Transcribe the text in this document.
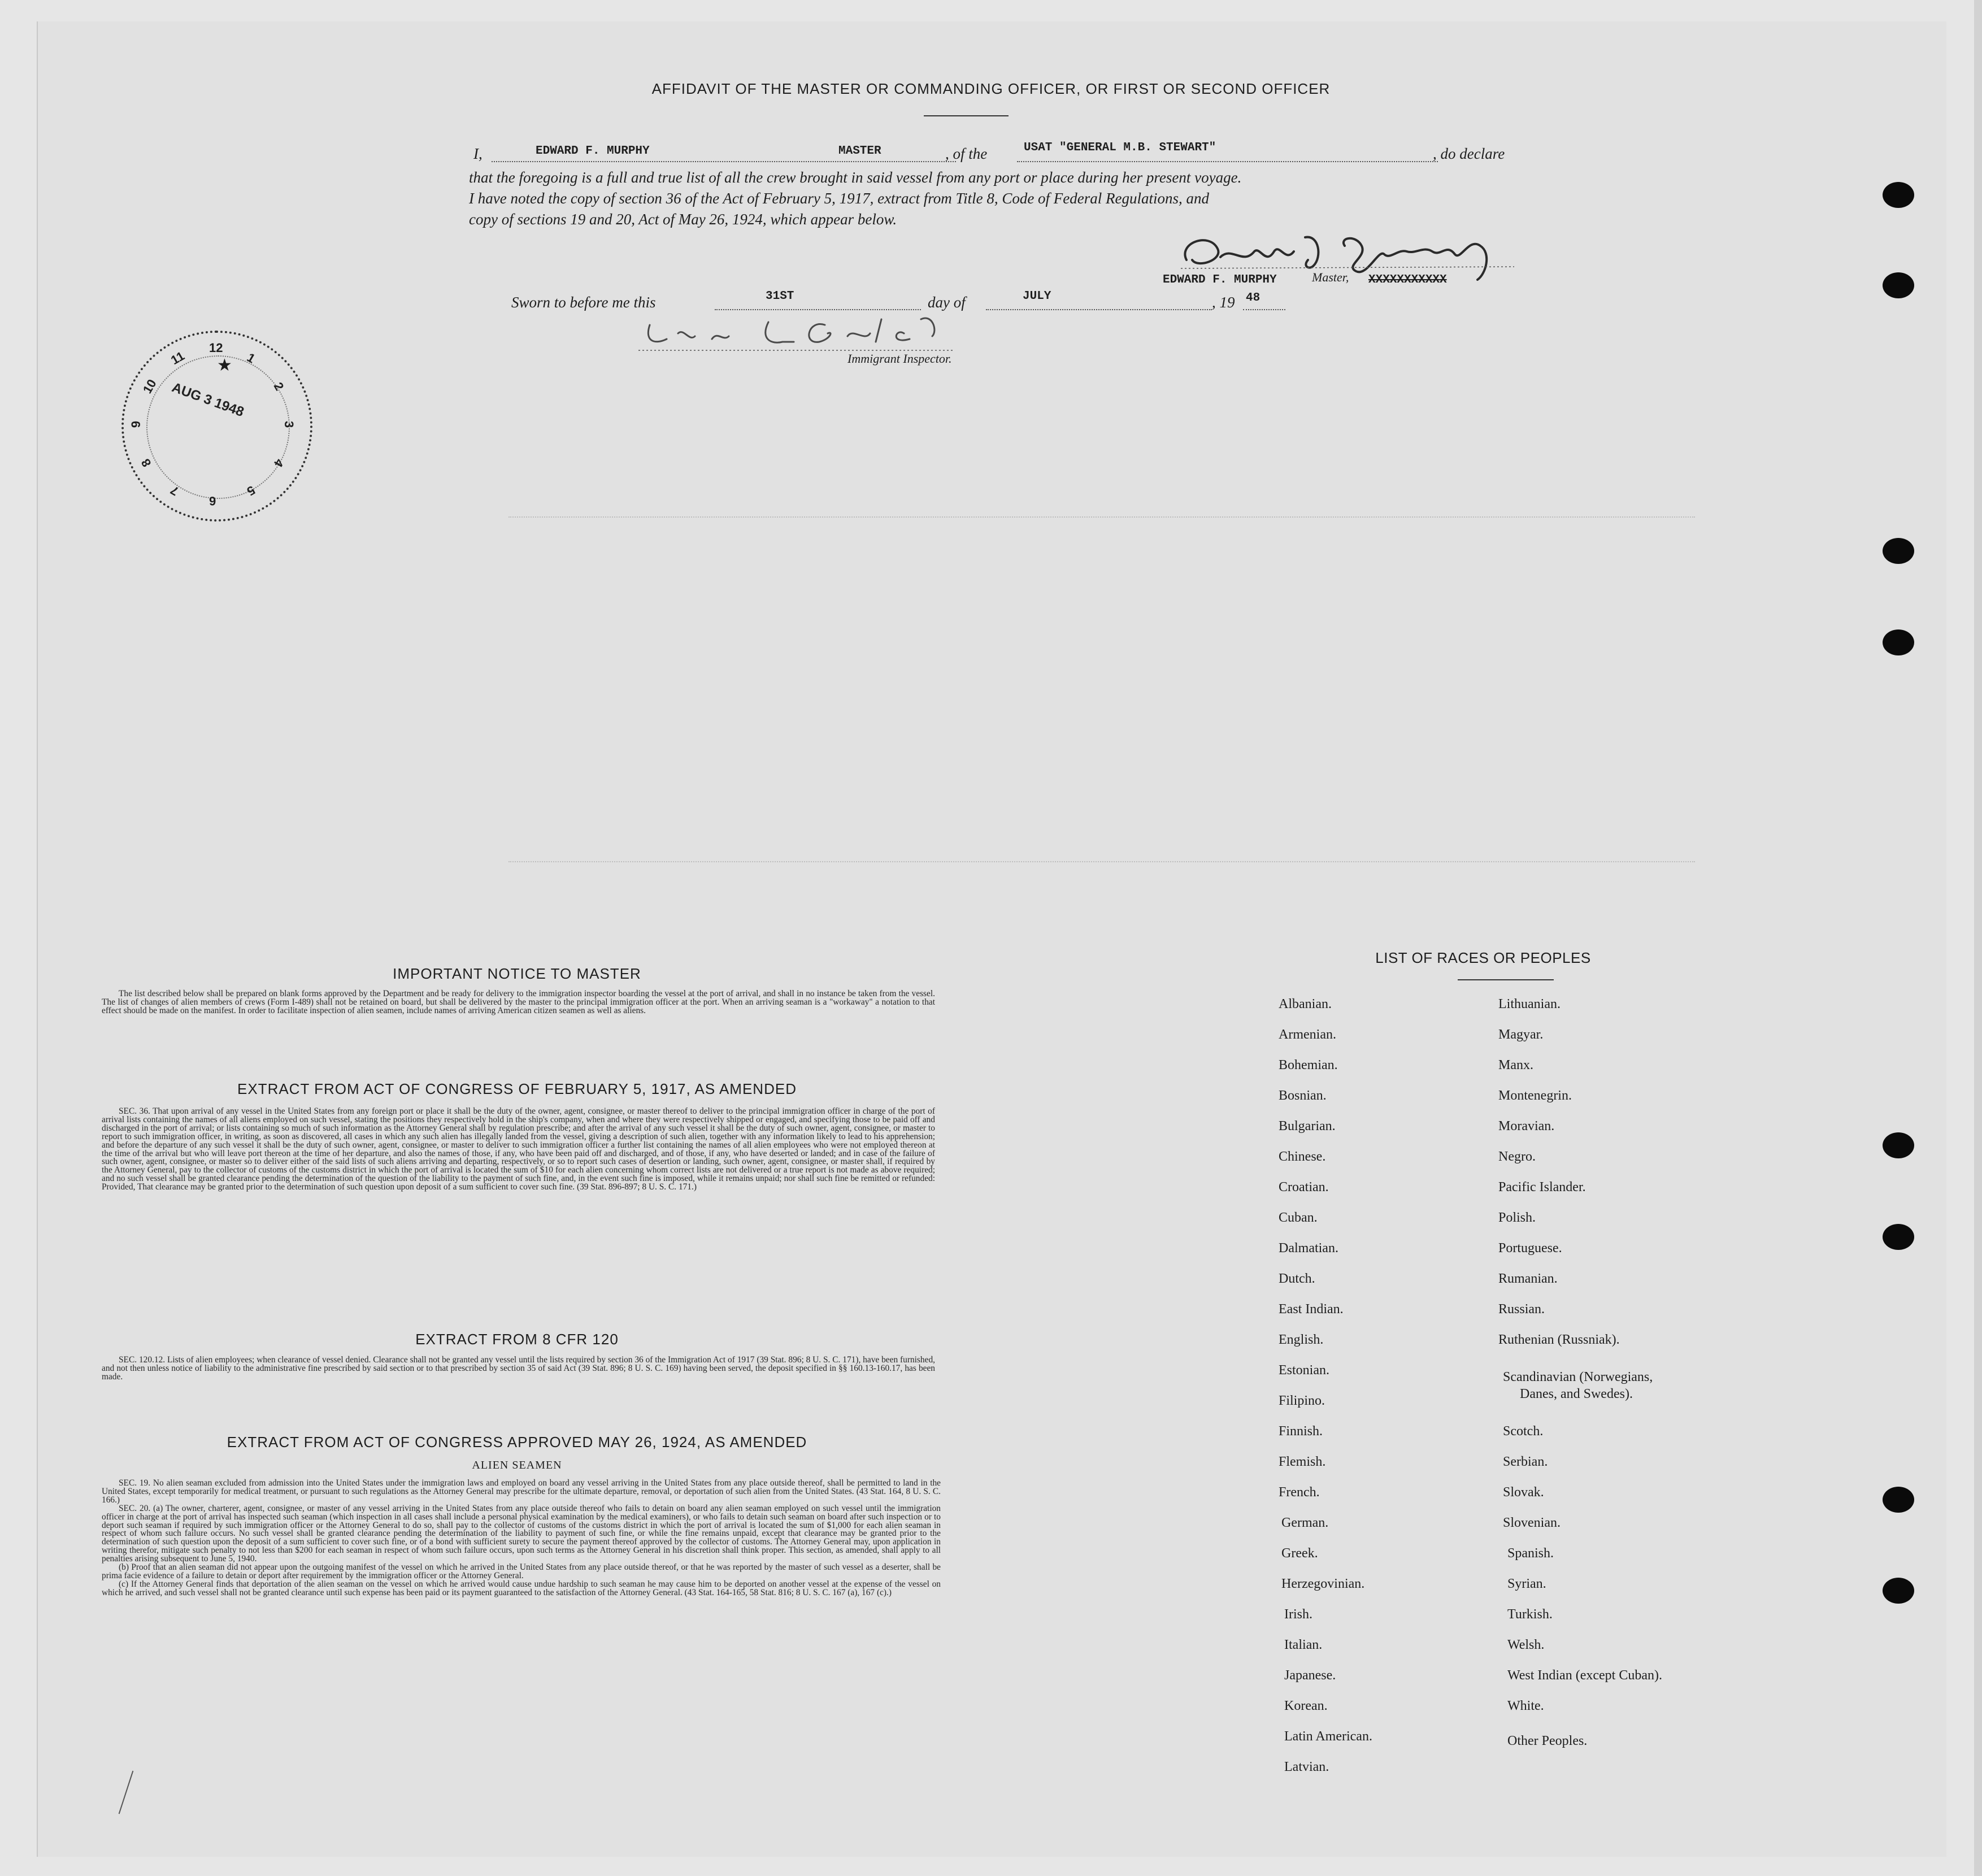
AFFIDAVIT OF THE MASTER OR COMMANDING OFFICER, OR FIRST OR SECOND OFFICER
I,	EDWARD F. MURPHY	MASTER	, of the	USAT "GENERAL M.B. STEWART"	, do declare
that the foregoing is a full and true list of all the crew brought in said vessel from any port or place during her present voyage.
I have noted the copy of section 36 of the Act of February 5, 1917, extract from Title 8, Code of Federal Regulations, and
copy of sections 19 and 20, Act of May 26, 1924, which appear below.
EDWARD F. MURPHY	Master, XXXXXXXXXXX
Sworn to before me this	31ST	day of	JULY	, 19 48
Immigrant Inspector.
12
1
2
3
4
5
6
7
8
9
10
11
AUG 3 1948
★
IMPORTANT NOTICE TO MASTER

The list described below shall be prepared on blank forms approved by the Department and be ready for delivery to the immigration inspector boarding the vessel at the port of arrival, and shall in no instance be taken from the vessel. The list of changes of alien members of crews (Form I-489) shall not be retained on board, but shall be delivered by the master to the principal immigration officer at the port. When an arriving seaman is a "workaway" a notation to that effect should be made on the manifest. In order to facilitate inspection of alien seamen, include names of arriving American citizen seamen as well as aliens.

EXTRACT FROM ACT OF CONGRESS OF FEBRUARY 5, 1917, AS AMENDED

SEC. 36. That upon arrival of any vessel in the United States from any foreign port or place it shall be the duty of the owner, agent, consignee, or master thereof to deliver to the principal immigration officer in charge of the port of arrival lists containing the names of all aliens employed on such vessel, stating the positions they respectively hold in the ship's company, when and where they were respectively shipped or engaged, and specifying those to be paid off and discharged in the port of arrival; or lists containing so much of such information as the Attorney General shall by regulation prescribe; and after the arrival of any such vessel it shall be the duty of such owner, agent, consignee, or master to report to such immigration officer, in writing, as soon as discovered, all cases in which any such alien has illegally landed from the vessel, giving a description of such alien, together with any information likely to lead to his apprehension; and before the departure of any such vessel it shall be the duty of such owner, agent, consignee, or master to deliver to such immigration officer a further list containing the names of all alien employees who were not employed thereon at the time of the arrival but who will leave port thereon at the time of her departure, and also the names of those, if any, who have been paid off and discharged, and of those, if any, who have deserted or landed; and in case of the failure of such owner, agent, consignee, or master so to deliver either of the said lists of such aliens arriving and departing, respectively, or so to report such cases of desertion or landing, such owner, agent, consignee, or master shall, if required by the Attorney General, pay to the collector of customs of the customs district in which the port of arrival is located the sum of $10 for each alien concerning whom correct lists are not delivered or a true report is not made as above required; and no such vessel shall be granted clearance pending the determination of the question of the liability to the payment of such fine, and, in the event such fine is imposed, while it remains unpaid; nor shall such fine be remitted or refunded: Provided, That clearance may be granted prior to the determination of such question upon deposit of a sum sufficient to cover such fine. (39 Stat. 896-897; 8 U. S. C. 171.)

EXTRACT FROM 8 CFR 120

SEC. 120.12. Lists of alien employees; when clearance of vessel denied. Clearance shall not be granted any vessel until the lists required by section 36 of the Immigration Act of 1917 (39 Stat. 896; 8 U. S. C. 171), have been furnished, and not then unless notice of liability to the administrative fine prescribed by said section or to that prescribed by section 35 of said Act (39 Stat. 896; 8 U. S. C. 169) having been served, the deposit specified in §§ 160.13-160.17, has been made.

EXTRACT FROM ACT OF CONGRESS APPROVED MAY 26, 1924, AS AMENDED
ALIEN SEAMEN

SEC. 19. No alien seaman excluded from admission into the United States under the immigration laws and employed on board any vessel arriving in the United States from any place outside thereof, shall be permitted to land in the United States, except temporarily for medical treatment, or pursuant to such regulations as the Attorney General may prescribe for the ultimate departure, removal, or deportation of such alien from the United States. (43 Stat. 164, 8 U. S. C. 166.)

SEC. 20. (a) The owner, charterer, agent, consignee, or master of any vessel arriving in the United States from any place outside thereof who fails to detain on board any alien seaman employed on such vessel until the immigration officer in charge at the port of arrival has inspected such seaman (which inspection in all cases shall include a personal physical examination by the medical examiners), or who fails to detain such seaman on board after such inspection or to deport such seaman if required by such immigration officer or the Attorney General to do so, shall pay to the collector of customs of the customs district in which the port of arrival is located the sum of $1,000 for each alien seaman in respect of whom such failure occurs. No such vessel shall be granted clearance pending the determination of the liability to payment of such fine, or while the fine remains unpaid, except that clearance may be granted prior to the determination of such question upon the deposit of a sum sufficient to cover such fine, or of a bond with sufficient surety to secure the payment thereof approved by the collector of customs. The Attorney General may, upon application in writing therefor, mitigate such penalty to not less than $200 for each seaman in respect of whom such failure occurs, upon such terms as the Attorney General in his discretion shall think proper. This section, as amended, shall apply to all penalties arising subsequent to June 5, 1940.

(b) Proof that an alien seaman did not appear upon the outgoing manifest of the vessel on which he arrived in the United States from any place outside thereof, or that he was reported by the master of such vessel as a deserter, shall be prima facie evidence of a failure to detain or deport after requirement by the immigration officer or the Attorney General.

(c) If the Attorney General finds that deportation of the alien seaman on the vessel on which he arrived would cause undue hardship to such seaman he may cause him to be deported on another vessel at the expense of the vessel on which he arrived, and such vessel shall not be granted clearance until such expense has been paid or its payment guaranteed to the satisfaction of the Attorney General. (43 Stat. 164-165, 58 Stat. 816; 8 U. S. C. 167 (a), 167 (c).)

LIST OF RACES OR PEOPLES
Albanian.
Armenian.
Bohemian.
Bosnian.
Bulgarian.
Chinese.
Croatian.
Cuban.
Dalmatian.
Dutch.
East Indian.
English.
Estonian.
Filipino.
Finnish.
Flemish.
French.
German.
Greek.
Herzegovinian.
Irish.
Italian.
Japanese.
Korean.
Latin American.
Latvian.
Lithuanian.
Magyar.
Manx.
Montenegrin.
Moravian.
Negro.
Pacific Islander.
Polish.
Portuguese.
Rumanian.
Russian.
Ruthenian (Russniak).
Scandinavian (Norwegians,
Danes, and Swedes).
Scotch.
Serbian.
Slovak.
Slovenian.
Spanish.
Syrian.
Turkish.
Welsh.
West Indian (except Cuban).
White.
Other Peoples.
